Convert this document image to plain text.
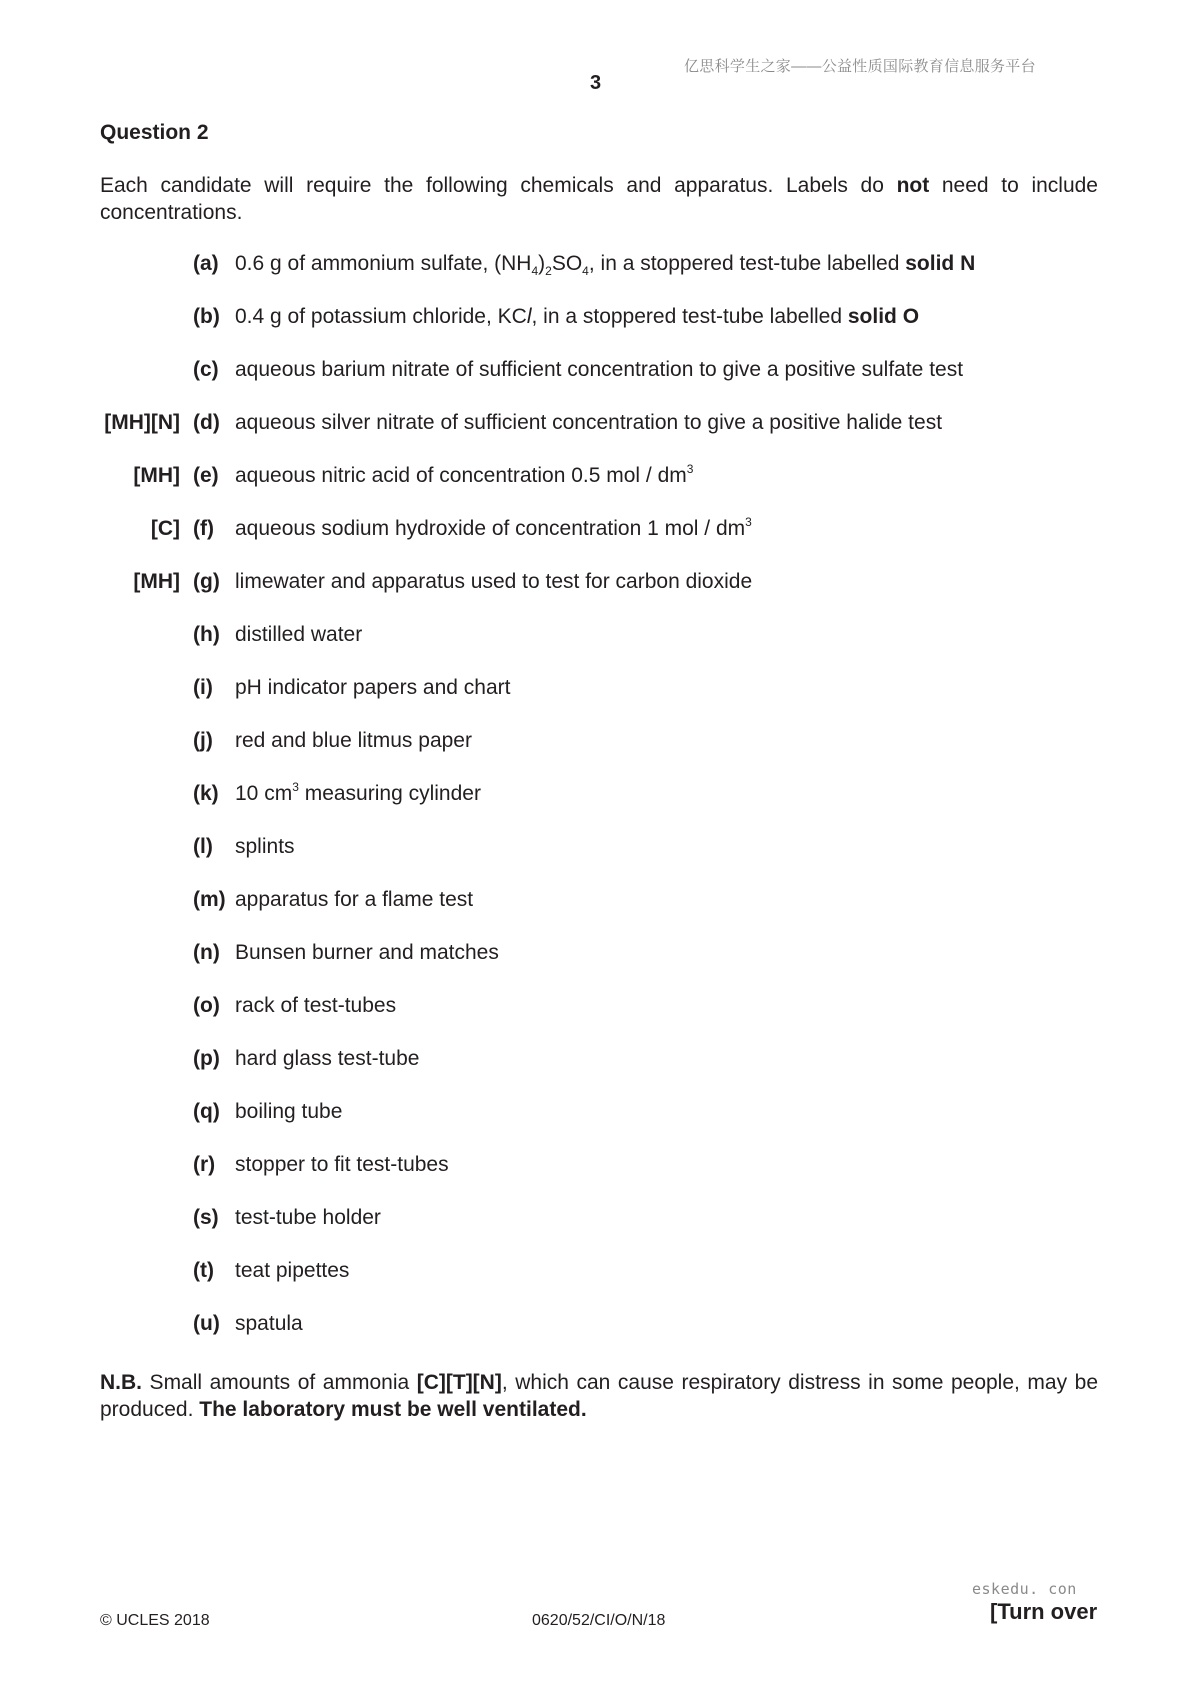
亿思科学生之家——公益性质国际教育信息服务平台
3
Question 2
Each candidate will require the following chemicals and apparatus. Labels do not need to include concentrations.
(a) 0.6 g of ammonium sulfate, $(NH_4)_2SO_4$, in a stoppered test-tube labelled solid N
(b) 0.4 g of potassium chloride, KCl, in a stoppered test-tube labelled solid O
(c) aqueous barium nitrate of sufficient concentration to give a positive sulfate test
[MH][N] (d) aqueous silver nitrate of sufficient concentration to give a positive halide test
[MH] (e) aqueous nitric acid of concentration 0.5 mol / $dm^3$
[C] (f) aqueous sodium hydroxide of concentration 1 mol / $dm^3$
[MH] (g) limewater and apparatus used to test for carbon dioxide
(h) distilled water
(i) pH indicator papers and chart
(j) red and blue litmus paper
(k) 10 $cm^3$ measuring cylinder
(l) splints
(m) apparatus for a flame test
(n) Bunsen burner and matches
(o) rack of test-tubes
(p) hard glass test-tube
(q) boiling tube
(r) stopper to fit test-tubes
(s) test-tube holder
(t) teat pipettes
(u) spatula
N.B. Small amounts of ammonia [C][T][N], which can cause respiratory distress in some people, may be produced. The laboratory must be well ventilated.
eskedu. con
© UCLES 2018	0620/52/CI/O/N/18	[Turn over
